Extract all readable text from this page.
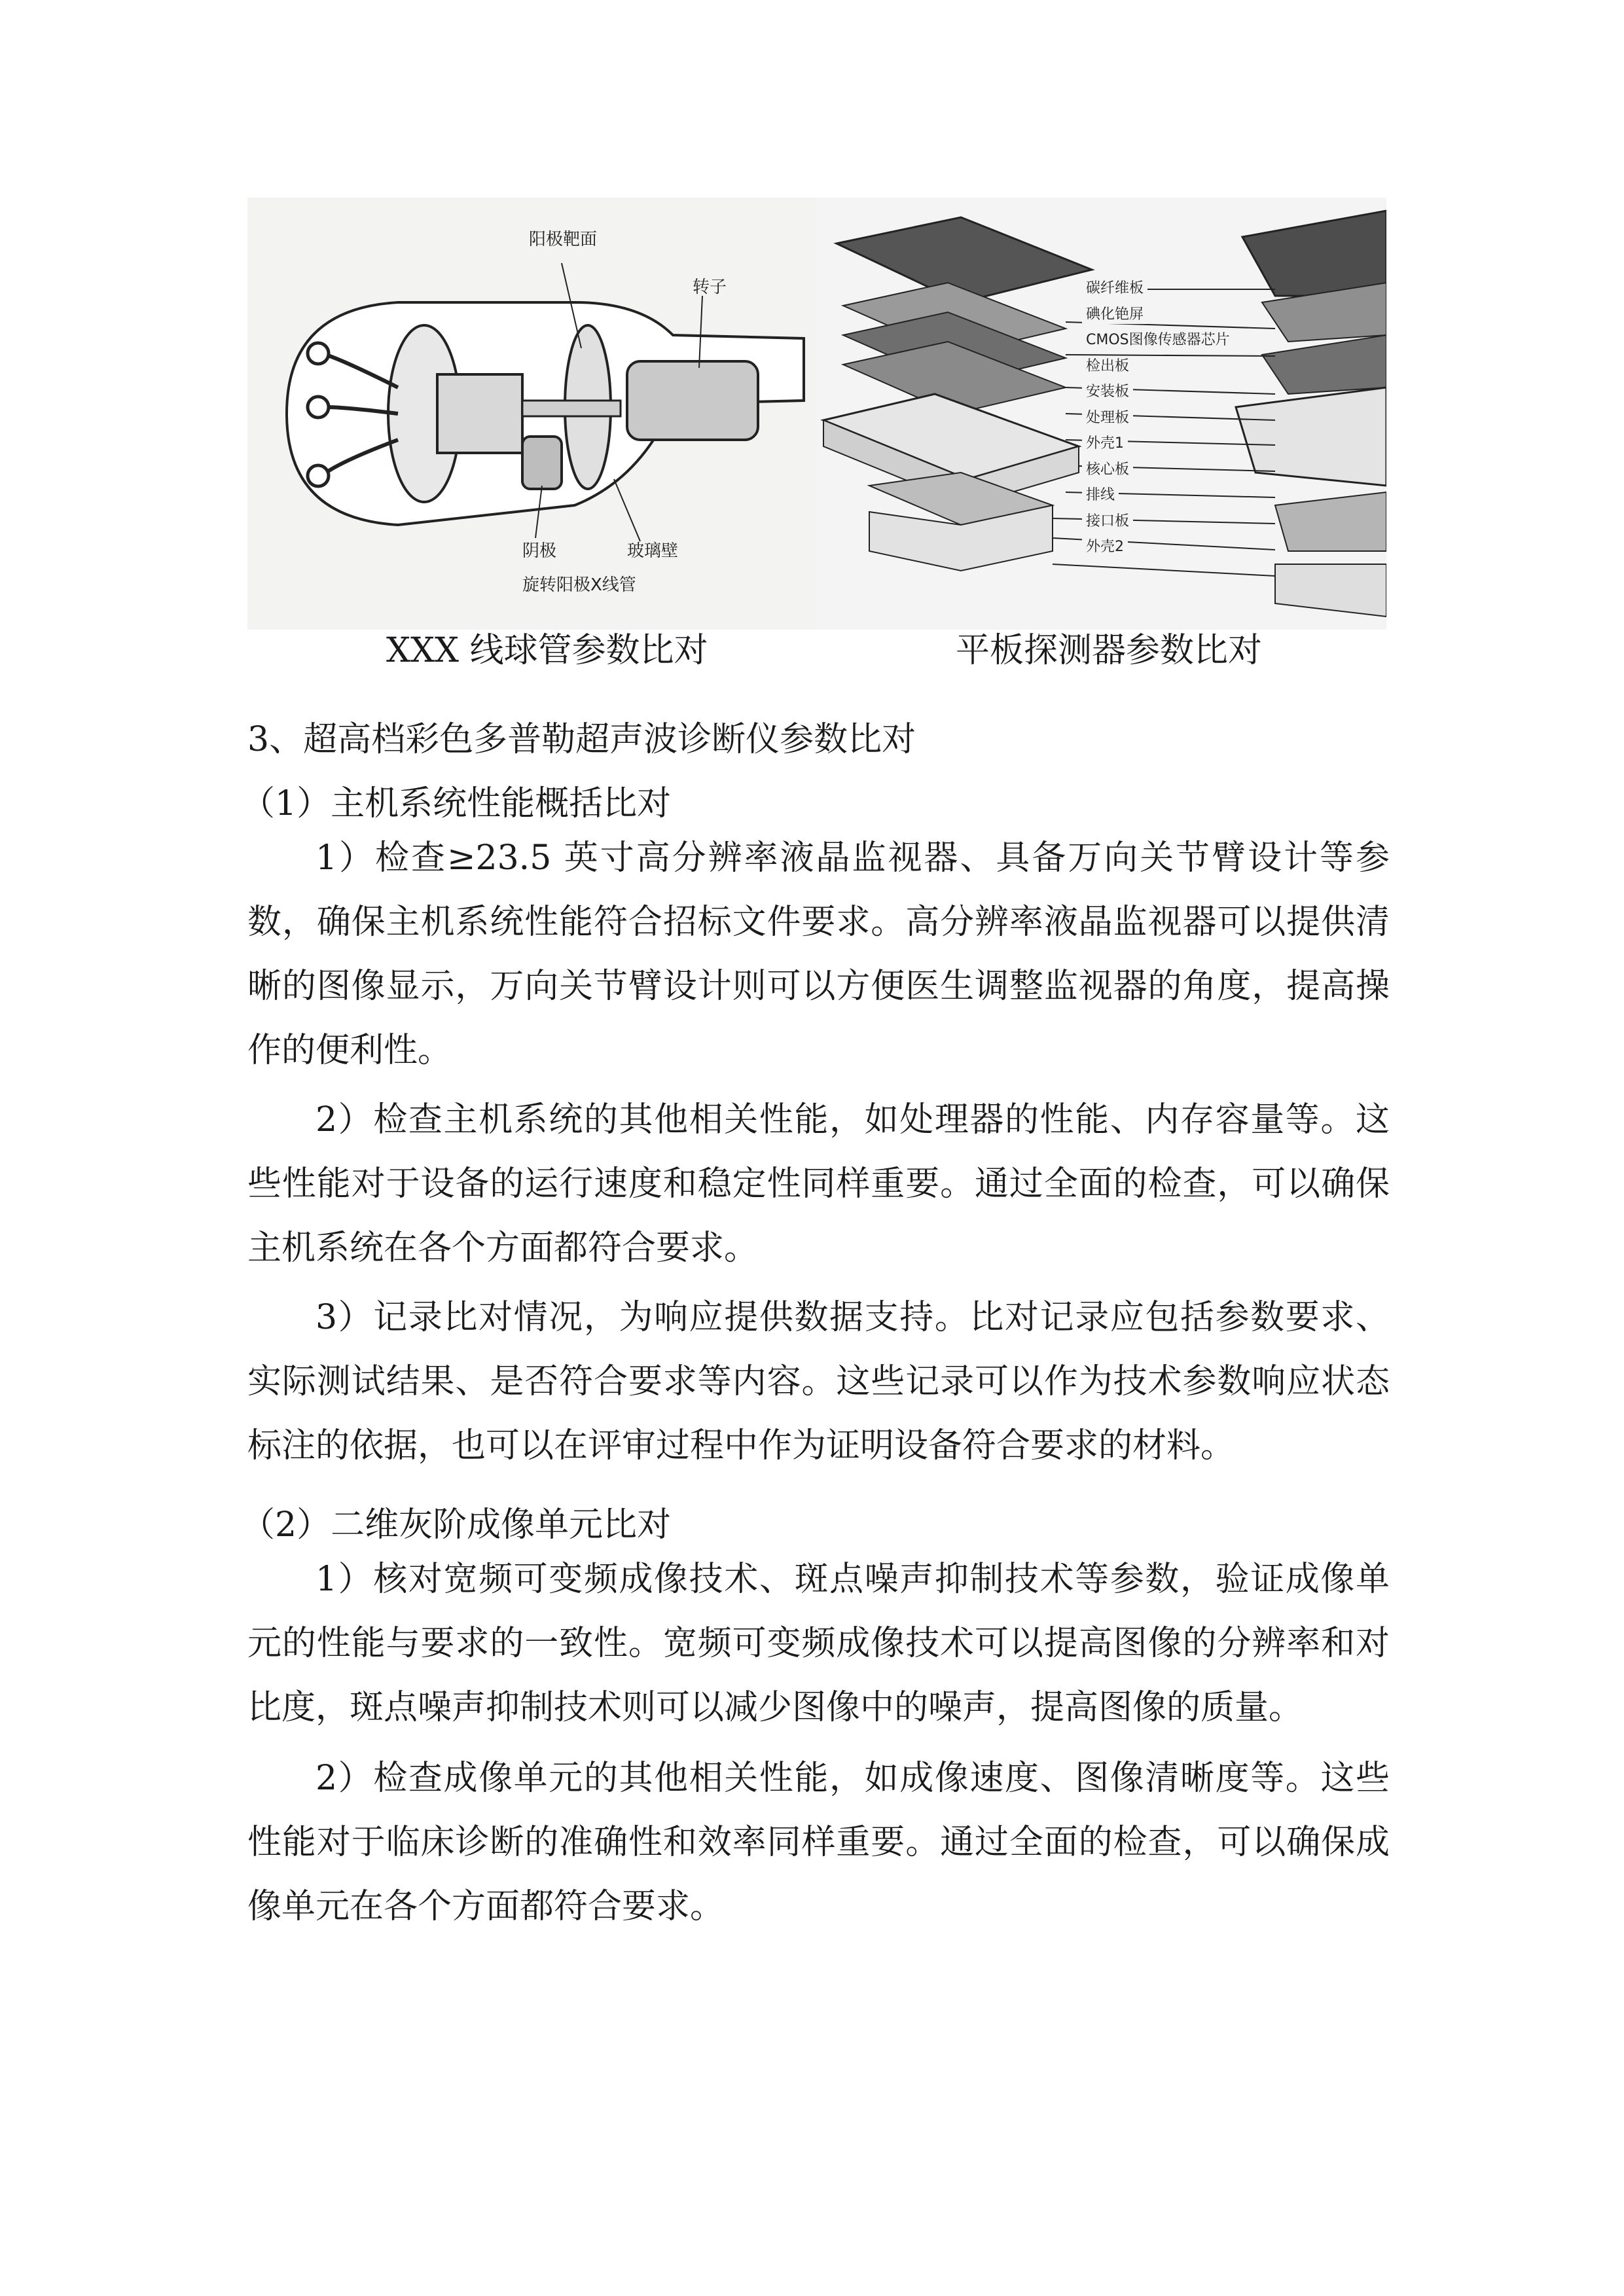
阳极靶面
转子
阴极	玻璃壁
旋转阳极X线管
碳纤维板
碘化铯屏
CMOS图像传感器芯片
检出板
安装板
处理板
外壳1
核心板
排线
接口板
外壳2
XXX 线球管参数比对	平板探测器参数比对
3、超高档彩色多普勒超声波诊断仪参数比对
（1）主机系统性能概括比对
1）检查≥23.5 英寸高分辨率液晶监视器、具备万向关节臂设计等参数，确保主机系统性能符合招标文件要求。高分辨率液晶监视器可以提供清晰的图像显示，万向关节臂设计则可以方便医生调整监视器的角度，提高操作的便利性。
2）检查主机系统的其他相关性能，如处理器的性能、内存容量等。这些性能对于设备的运行速度和稳定性同样重要。通过全面的检查，可以确保主机系统在各个方面都符合要求。
3）记录比对情况，为响应提供数据支持。比对记录应包括参数要求、实际测试结果、是否符合要求等内容。这些记录可以作为技术参数响应状态标注的依据，也可以在评审过程中作为证明设备符合要求的材料。
（2）二维灰阶成像单元比对
1）核对宽频可变频成像技术、斑点噪声抑制技术等参数，验证成像单元的性能与要求的一致性。宽频可变频成像技术可以提高图像的分辨率和对比度，斑点噪声抑制技术则可以减少图像中的噪声，提高图像的质量。
2）检查成像单元的其他相关性能，如成像速度、图像清晰度等。这些性能对于临床诊断的准确性和效率同样重要。通过全面的检查，可以确保成像单元在各个方面都符合要求。
